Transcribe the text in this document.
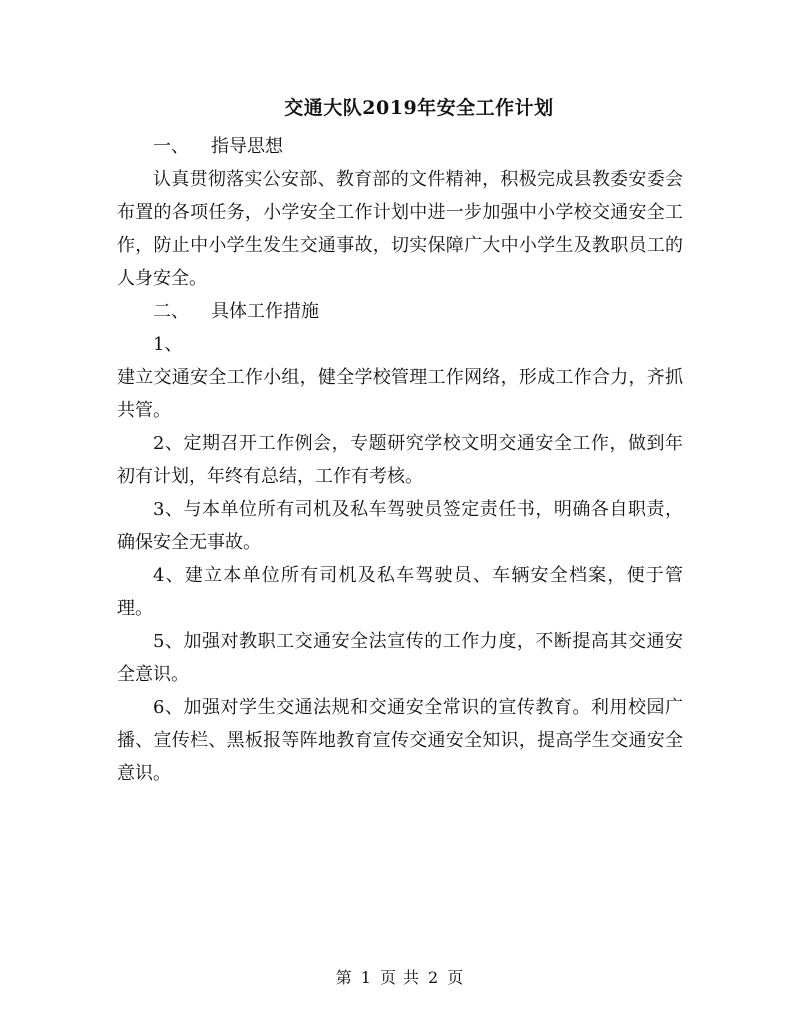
交通大队2019年安全工作计划

一、 指导思想

认真贯彻落实公安部、教育部的文件精神，积极完成县教委安委会布置的各项任务，小学安全工作计划中进一步加强中小学校交通安全工作，防止中小学生发生交通事故，切实保障广大中小学生及教职员工的人身安全。

二、 具体工作措施

1、

建立交通安全工作小组，健全学校管理工作网络，形成工作合力，齐抓共管。

2、定期召开工作例会，专题研究学校文明交通安全工作，做到年初有计划，年终有总结，工作有考核。

3、与本单位所有司机及私车驾驶员签定责任书，明确各自职责，确保安全无事故。

4、建立本单位所有司机及私车驾驶员、车辆安全档案，便于管理。

5、加强对教职工交通安全法宣传的工作力度，不断提高其交通安全意识。

6、加强对学生交通法规和交通安全常识的宣传教育。利用校园广播、宣传栏、黑板报等阵地教育宣传交通安全知识，提高学生交通安全意识。

第 1 页 共 2 页
